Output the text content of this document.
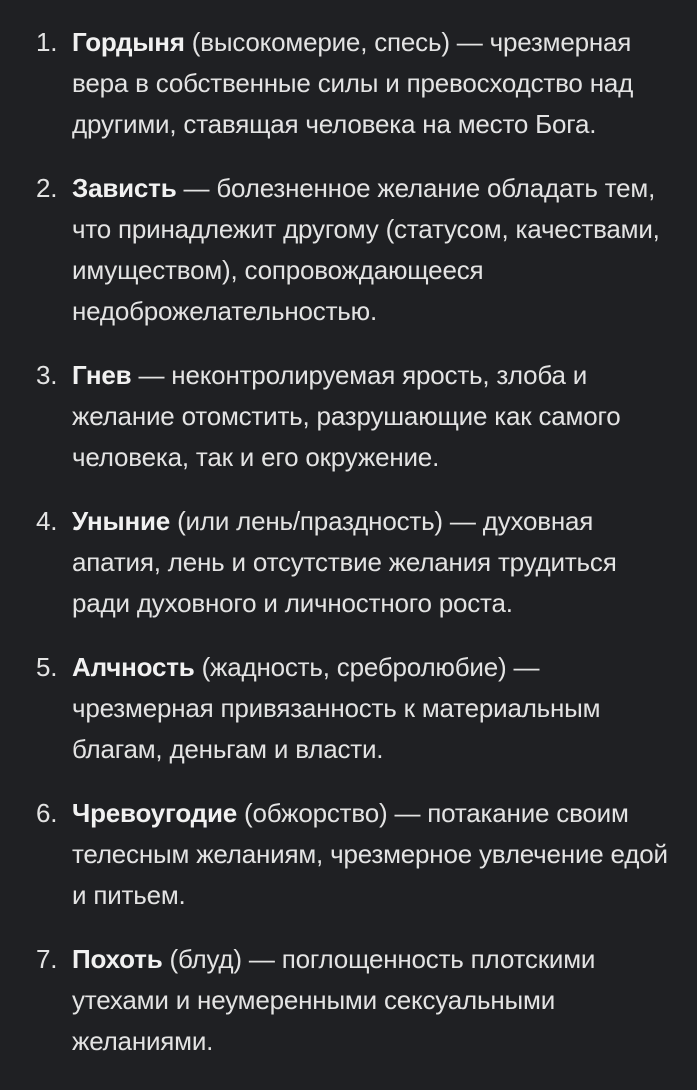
1. Гордыня (высокомерие, спесь) — чрезмерная вера в собственные силы и превосходство над другими, ставящая человека на место Бога.
2. Зависть — болезненное желание обладать тем, что принадлежит другому (статусом, качествами, имуществом), сопровождающееся недоброжелательностью.
3. Гнев — неконтролируемая ярость, злоба и желание отомстить, разрушающие как самого человека, так и его окружение.
4. Уныние (или лень/праздность) — духовная апатия, лень и отсутствие желания трудиться ради духовного и личностного роста.
5. Алчность (жадность, сребролюбие) — чрезмерная привязанность к материальным благам, деньгам и власти.
6. Чревоугодие (обжорство) — потакание своим телесным желаниям, чрезмерное увлечение едой и питьем.
7. Похоть (блуд) — поглощенность плотскими утехами и неумеренными сексуальными желаниями.
